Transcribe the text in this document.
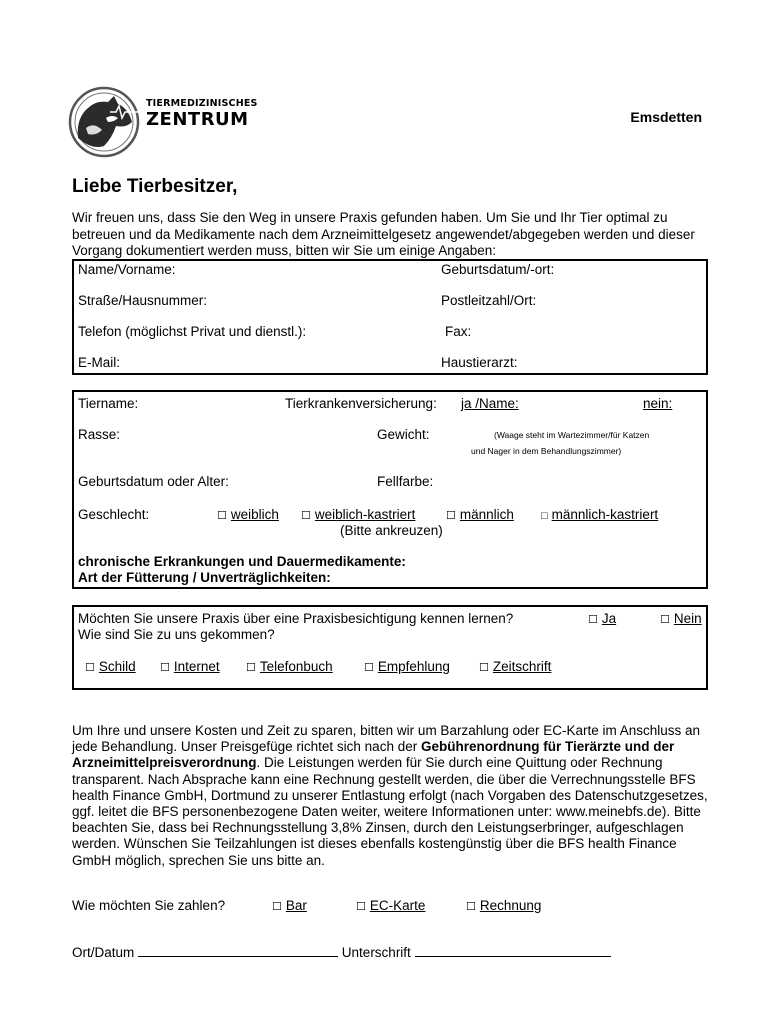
TIERMEDIZINISCHES
ZENTRUM	Emsdetten
Liebe Tierbesitzer,

Wir freuen uns, dass Sie den Weg in unsere Praxis gefunden haben. Um Sie und Ihr Tier optimal zu betreuen und da Medikamente nach dem Arzneimittelgesetz angewendet/abgegeben werden und dieser Vorgang dokumentiert werden muss, bitten wir Sie um einige Angaben:

Name/Vorname:	Geburtsdatum/-ort:
Straße/Hausnummer:	Postleitzahl/Ort:
Telefon (möglichst Privat und dienstl.):	Fax:
E-Mail:	Haustierarzt:
Tiername:	Tierkrankenversicherung: ja /Name:	nein:
Rasse:	Gewicht:	(Waage steht im Wartezimmer/für Katzen
und Nager in dem Behandlungszimmer)
Geburtsdatum oder Alter:	Fellfarbe:
Geschlecht:	☐ weiblich ☐ weiblich-kastriert	☐ männlich □ männlich-kastriert
(Bitte ankreuzen)
chronische Erkrankungen und Dauermedikamente:
Art der Fütterung / Unverträglichkeiten:
Möchten Sie unsere Praxis über eine Praxisbesichtigung kennen lernen?	☐ Ja	☐ Nein
Wie sind Sie zu uns gekommen?
☐ Schild ☐ Internet ☐ Telefonbuch	☐ Empfehlung	☐ Zeitschrift

Um Ihre und unsere Kosten und Zeit zu sparen, bitten wir um Barzahlung oder EC-Karte im Anschluss an jede Behandlung. Unser Preisgefüge richtet sich nach der Gebührenordnung für Tierärzte und der Arzneimittelpreisverordnung. Die Leistungen werden für Sie durch eine Quittung oder Rechnung transparent. Nach Absprache kann eine Rechnung gestellt werden, die über die Verrechnungsstelle BFS health Finance GmbH, Dortmund zu unserer Entlastung erfolgt (nach Vorgaben des Datenschutzgesetzes, ggf. leitet die BFS personenbezogene Daten weiter, weitere Informationen unter: www.meinebfs.de). Bitte beachten Sie, dass bei Rechnungsstellung 3,8% Zinsen, durch den Leistungserbringer, aufgeschlagen werden. Wünschen Sie Teilzahlungen ist dieses ebenfalls kostengünstig über die BFS health Finance GmbH möglich, sprechen Sie uns bitte an.

Wie möchten Sie zahlen?	☐ Bar	☐ EC-Karte	☐ Rechnung
Ort/Datum	Unterschrift
